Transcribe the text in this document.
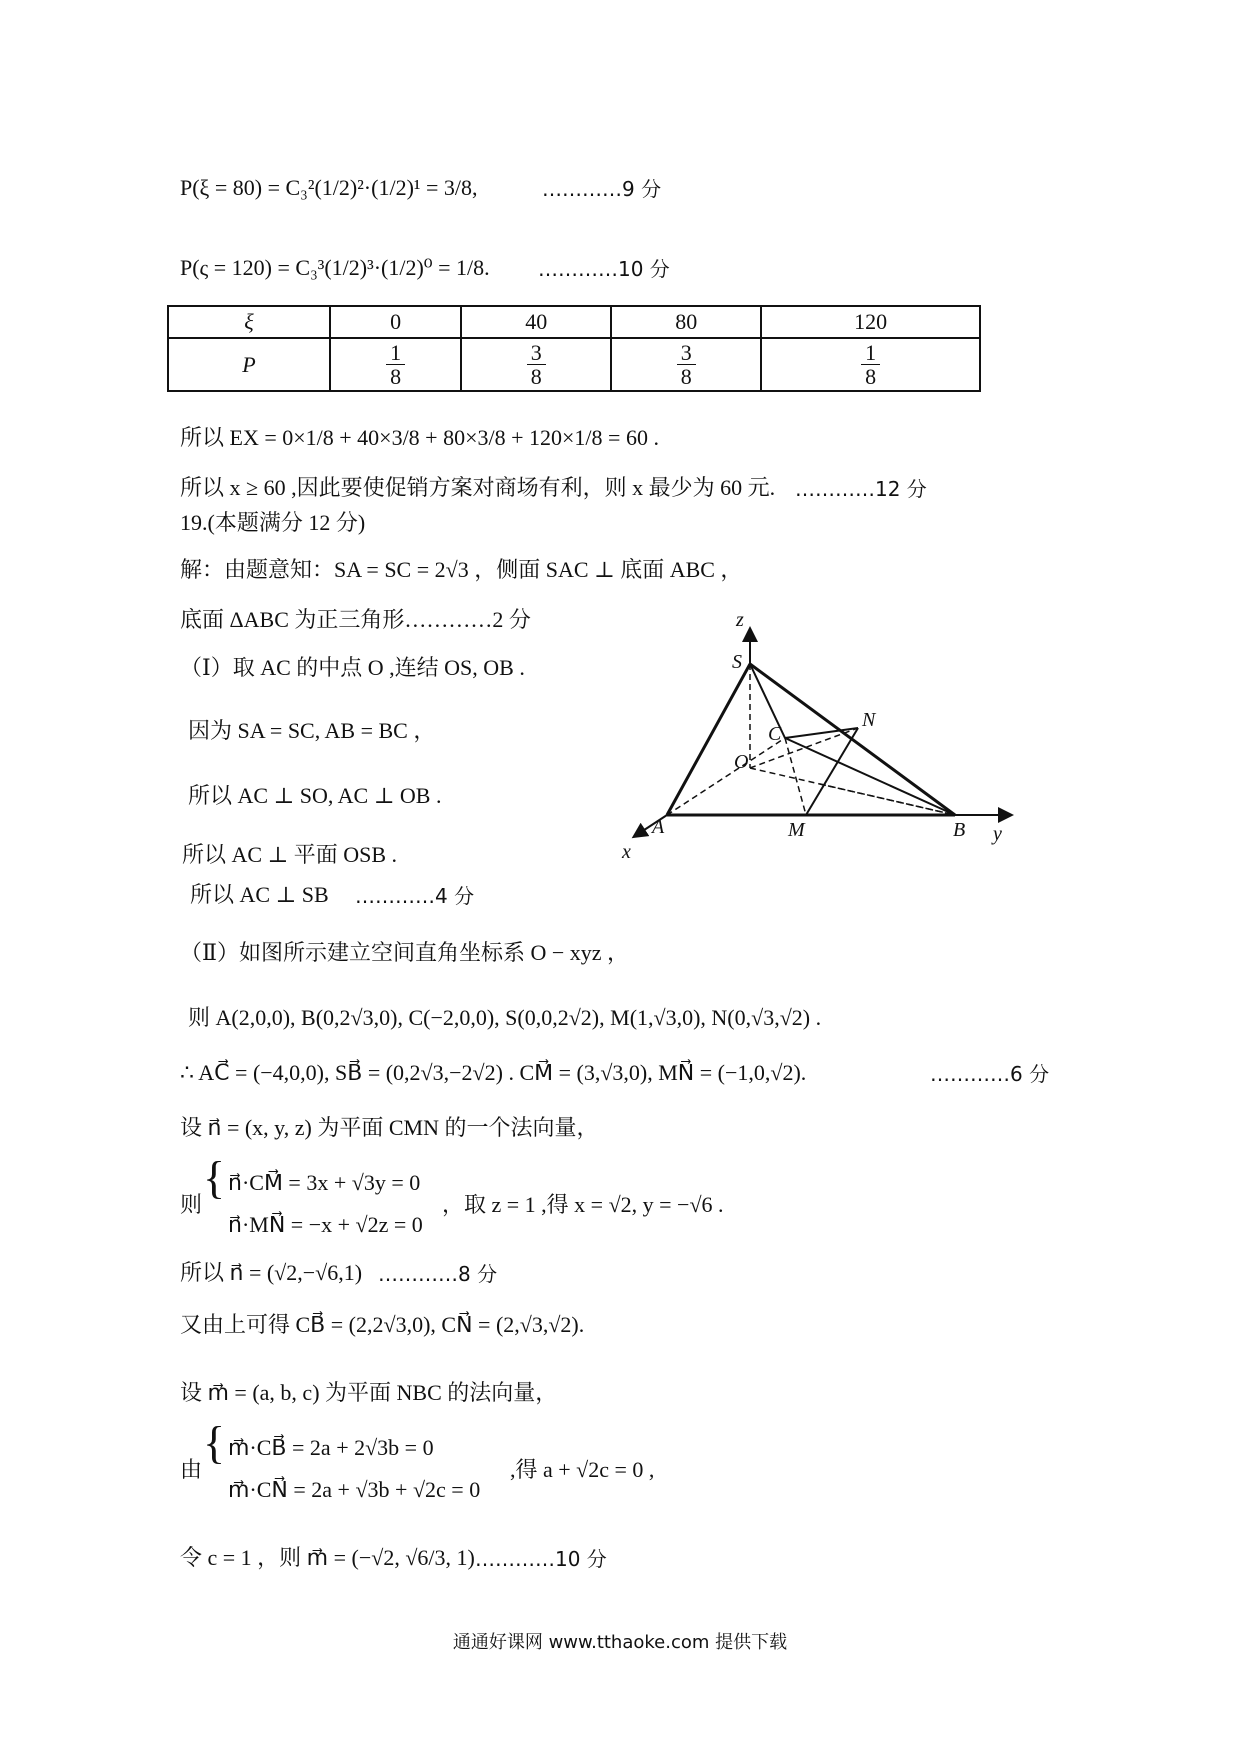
P(ξ = 80) = C₃²(1/2)²·(1/2)¹ = 3/8,	…………9 分
P(ς = 120) = C₃³(1/2)³·(1/2)⁰ = 1/8. …………10 分
ξ	0	40	80	120
P	$\frac{1}{8}$	$\frac{3}{8}$	$\frac{3}{8}$	$\frac{1}{8}$
所以 EX = 0×1/8 + 40×3/8 + 80×3/8 + 120×1/8 = 60 .
所以 x ≥ 60 ,因此要使促销方案对商场有利，则 x 最少为 60 元. …………12 分
19.(本题满分 12 分)
解：由题意知：SA = SC = 2√3 ，侧面 SAC ⊥ 底面 ABC ，
底面 ΔABC 为正三角形…………2 分
（Ⅰ）取 AC 的中点 O ,连结 OS, OB .
因为 SA = SC, AB = BC ，
所以 AC ⊥ SO, AC ⊥ OB .
所以 AC ⊥ 平面 OSB .
所以 AC ⊥ SB …………4 分
z
S
N
C
O
A	M	B y
x
（Ⅱ）如图所示建立空间直角坐标系 O − xyz ，
则 A(2,0,0), B(0,2√3,0), C(−2,0,0), S(0,0,2√2), M(1,√3,0), N(0,√3,√2) .
∴ AC⃗ = (−4,0,0), SB⃗ = (0,2√3,−2√2) . CM⃗ = (3,√3,0), MN⃗ = (−1,0,√2).	…………6 分
设 n⃗ = (x, y, z) 为平面 CMN 的一个法向量，
则
{ n⃗·CM⃗ = 3x + √3y = 0
n⃗·MN⃗ = −x + √2z = 0
，取 z = 1 ,得 x = √2, y = −√6 .
所以 n⃗ = (√2,−√6,1) …………8 分
又由上可得 CB⃗ = (2,2√3,0), CN⃗ = (2,√3,√2).
设 m⃗ = (a, b, c) 为平面 NBC 的法向量，
由
{ m⃗·CB⃗ = 2a + 2√3b = 0
m⃗·CN⃗ = 2a + √3b + √2c = 0
,得 a + √2c = 0 ,
令 c = 1 ，则 m⃗ = (−√2, √6/3, 1) …………10 分
通通好课网 www.tthaoke.com 提供下载
